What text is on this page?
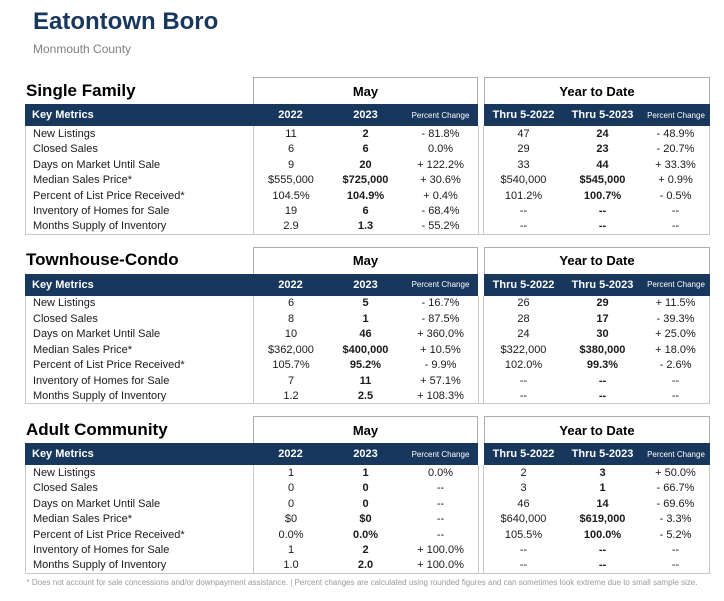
Eatontown Boro
Monmouth County
Single Family	May	Year to Date
Key Metrics	2022	2023	Percent Change	Thru 5-2022	Thru 5-2023	Percent Change
New Listings	11	2	- 81.8%	47	24	- 48.9%
Closed Sales	6	6	0.0%	29	23	- 20.7%
Days on Market Until Sale	9	20	+ 122.2%	33	44	+ 33.3%
Median Sales Price*	$555,000	$725,000	+ 30.6%	$540,000	$545,000	+ 0.9%
Percent of List Price Received*	104.5%	104.9%	+ 0.4%	101.2%	100.7%	- 0.5%
Inventory of Homes for Sale	19	6	- 68.4%	--	--	--
Months Supply of Inventory	2.9	1.3	- 55.2%	--	--	--
Townhouse-Condo	May	Year to Date
Key Metrics	2022	2023	Percent Change	Thru 5-2022	Thru 5-2023	Percent Change
New Listings	6	5	- 16.7%	26	29	+ 11.5%
Closed Sales	8	1	- 87.5%	28	17	- 39.3%
Days on Market Until Sale	10	46	+ 360.0%	24	30	+ 25.0%
Median Sales Price*	$362,000	$400,000	+ 10.5%	$322,000	$380,000	+ 18.0%
Percent of List Price Received*	105.7%	95.2%	- 9.9%	102.0%	99.3%	- 2.6%
Inventory of Homes for Sale	7	11	+ 57.1%	--	--	--
Months Supply of Inventory	1.2	2.5	+ 108.3%	--	--	--
Adult Community	May	Year to Date
Key Metrics	2022	2023	Percent Change	Thru 5-2022	Thru 5-2023	Percent Change
New Listings	1	1	0.0%	2	3	+ 50.0%
Closed Sales	0	0	--	3	1	- 66.7%
Days on Market Until Sale	0	0	--	46	14	- 69.6%
Median Sales Price*	$0	$0	--	$640,000	$619,000	- 3.3%
Percent of List Price Received*	0.0%	0.0%	--	105.5%	100.0%	- 5.2%
Inventory of Homes for Sale	1	2	+ 100.0%	--	--	--
Months Supply of Inventory	1.0	2.0	+ 100.0%	--	--	--
* Does not account for sale concessions and/or downpayment assistance. | Percent changes are calculated using rounded figures and can sometimes look extreme due to small sample size.
